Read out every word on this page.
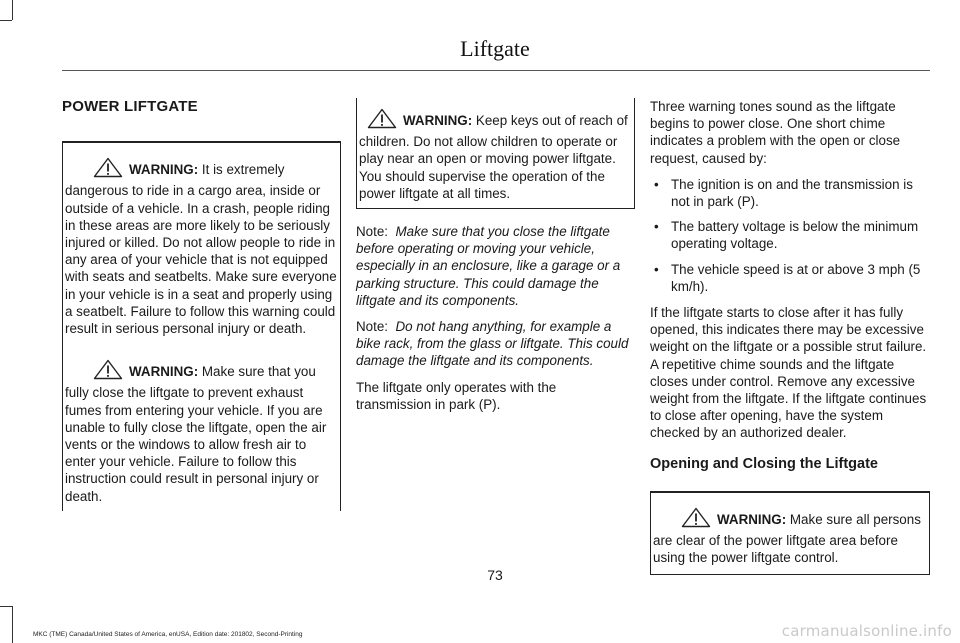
Liftgate
POWER LIFTGATE
WARNING: It is extremely dangerous to ride in a cargo area, inside or outside of a vehicle. In a crash, people riding in these areas are more likely to be seriously injured or killed. Do not allow people to ride in any area of your vehicle that is not equipped with seats and seatbelts. Make sure everyone in your vehicle is in a seat and properly using a seatbelt. Failure to follow this warning could result in serious personal injury or death.
WARNING: Make sure that you fully close the liftgate to prevent exhaust fumes from entering your vehicle. If you are unable to fully close the liftgate, open the air vents or the windows to allow fresh air to enter your vehicle. Failure to follow this instruction could result in personal injury or death.
WARNING: Keep keys out of reach of children. Do not allow children to operate or play near an open or moving power liftgate. You should supervise the operation of the power liftgate at all times.

Note: Make sure that you close the liftgate before operating or moving your vehicle, especially in an enclosure, like a garage or a parking structure. This could damage the liftgate and its components.

Note: Do not hang anything, for example a bike rack, from the glass or liftgate. This could damage the liftgate and its components.

The liftgate only operates with the transmission in park (P).

Three warning tones sound as the liftgate begins to power close. One short chime indicates a problem with the open or close request, caused by:

• The ignition is on and the transmission is not in park (P).
• The battery voltage is below the minimum operating voltage.
• The vehicle speed is at or above 3 mph (5 km/h).

If the liftgate starts to close after it has fully opened, this indicates there may be excessive weight on the liftgate or a possible strut failure. A repetitive chime sounds and the liftgate closes under control. Remove any excessive weight from the liftgate. If the liftgate continues to close after opening, have the system checked by an authorized dealer.

Opening and Closing the Liftgate
WARNING: Make sure all persons are clear of the power liftgate area before using the power liftgate control.
73
MKC (TME) Canada/United States of America, enUSA, Edition date: 201802, Second-Printing	carmanualsonline.info
